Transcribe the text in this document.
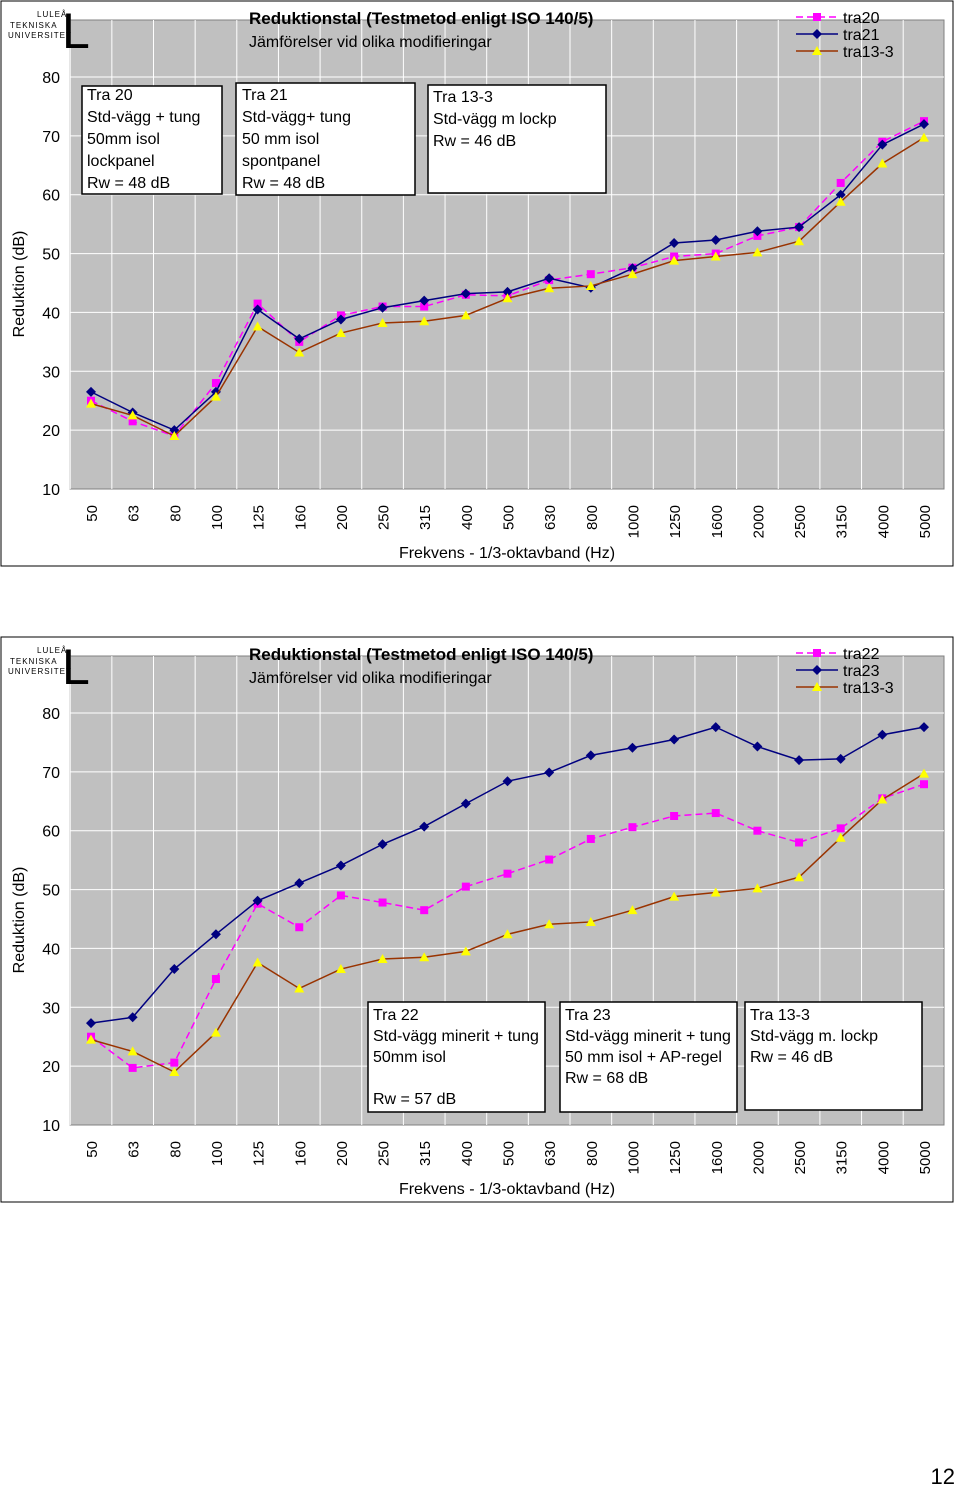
10
20
30
40
50
60
70
80
50 63 80 100 125 160 200 250 315 400 500 630 800 1000 1250 1600 2000 2500 3150 4000 5000
Frekvens - 1/3-oktavband (Hz)
Reduktion (dB)
Reduktionstal (Testmetod enligt ISO 140/5)
Jämförelser vid olika modifieringar
L
LULEÅ
TEKNISKA
UNIVERSITET
tra20
tra21
tra13-3
Tra 20
Std-vägg + tung
50mm isol
lockpanel
Rw = 48 dB
Tra 21
Std-vägg+ tung
50 mm isol
spontpanel
Rw = 48 dB
Tra 13-3
Std-vägg m lockp
Rw = 46 dB
10
20
30
40
50
60
70
80
50 63 80 100 125 160 200 250 315 400 500 630 800 1000 1250 1600 2000 2500 3150 4000 5000
Frekvens - 1/3-oktavband (Hz)
Reduktion (dB)
Reduktionstal (Testmetod enligt ISO 140/5)
Jämförelser vid olika modifieringar
L
LULEÅ
TEKNISKA
UNIVERSITET
tra22
tra23
tra13-3
Tra 22
Std-vägg minerit + tung
50mm isol
Rw = 57 dB
Tra 23
Std-vägg minerit + tung
50 mm isol + AP-regel
Rw = 68 dB
Tra 13-3
Std-vägg m. lockp
Rw = 46 dB
12
